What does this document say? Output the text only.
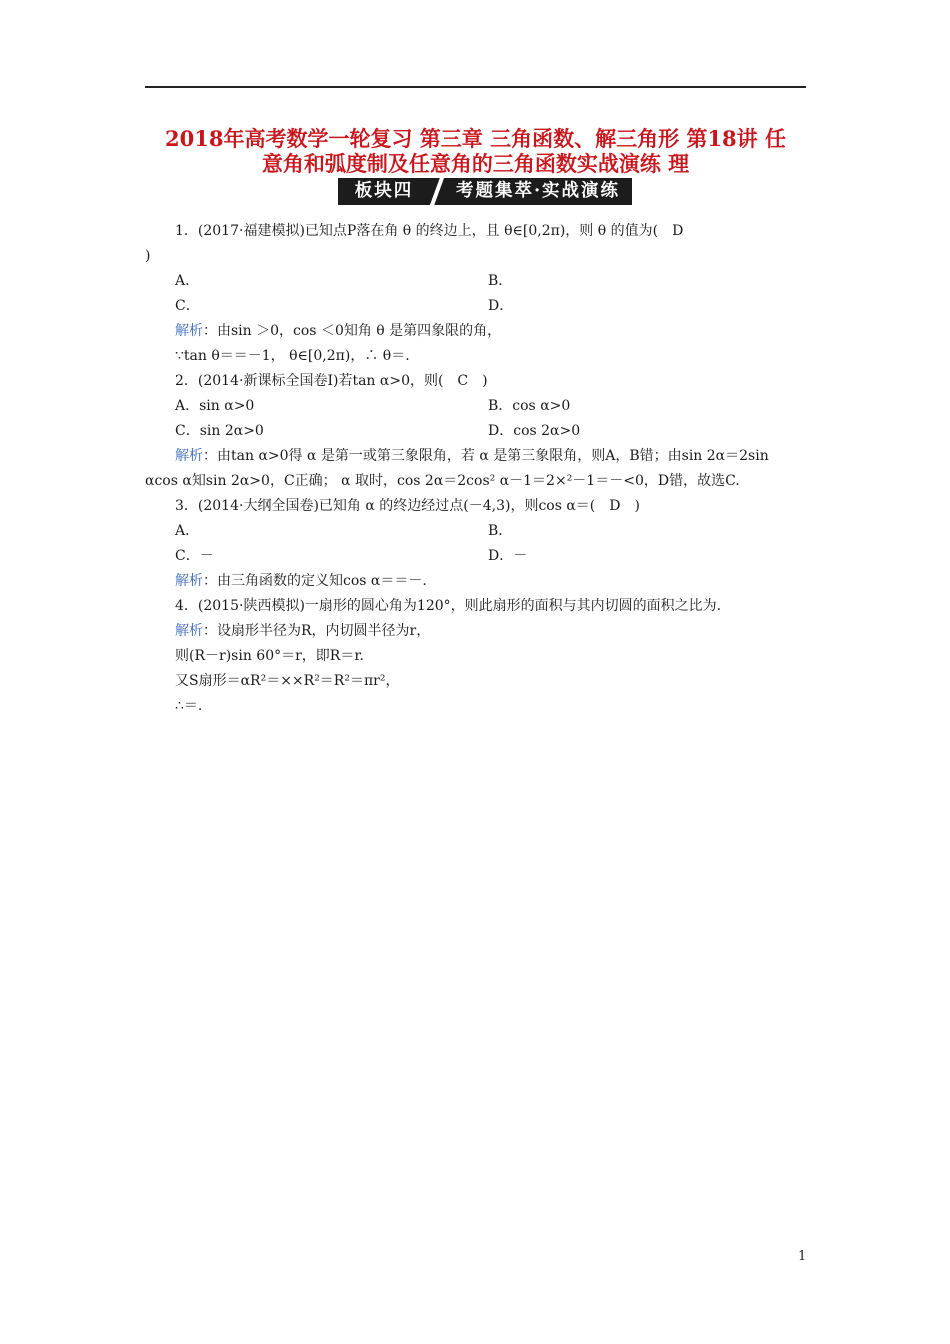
2018年高考数学一轮复习 第三章 三角函数、解三角形 第18讲 任
意角和弧度制及任意角的三角函数实战演练 理
板块四	考题集萃·实战演练
1．(2017·福建模拟)已知点P落在角 θ 的终边上，且 θ∈[0,2π)，则 θ 的值为(　D
)
A．	B．
C．	D．
解析：由sin ＞0，cos ＜0知角 θ 是第四象限的角，
∵tan θ＝＝－1， θ∈[0,2π)，∴ θ＝.
2．(2014·新课标全国卷Ⅰ)若tan α>0，则(　C　)
A．sin α>0	B．cos α>0
C．sin 2α>0	D．cos 2α>0
解析：由tan α>0得 α 是第一或第三象限角，若 α 是第三象限角，则A，B错；由sin 2α＝2sin αcos α知sin 2α>0，C正确； α 取时，cos 2α＝2cos² α－1＝2×²－1＝－<0，D错，故选C.
3．(2014·大纲全国卷)已知角 α 的终边经过点(－4,3)，则cos α＝(　D　)
A．	B．
C．－	D．－
解析：由三角函数的定义知cos α＝＝－.
4．(2015·陕西模拟)一扇形的圆心角为120°，则此扇形的面积与其内切圆的面积之比为.
解析：设扇形半径为R，内切圆半径为r，
则(R－r)sin 60°＝r，即R＝r.
又S扇形＝αR²＝××R²＝R²＝πr²，
∴＝.
1
